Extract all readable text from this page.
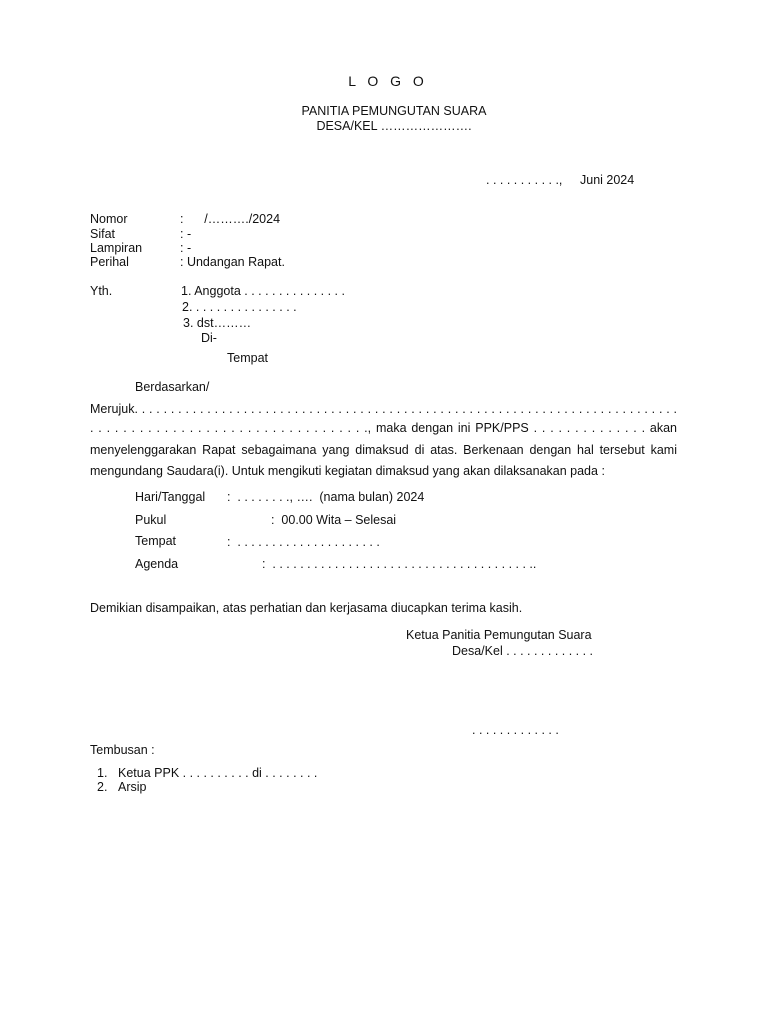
L O G O
PANITIA PEMUNGUTAN SUARA
DESA/KEL ………………….
. . . . . . . . . . ., Juni 2024
Nomor	:      /………./2024
Sifat	: -
Lampiran	: -
Perihal	: Undangan Rapat.
Yth.	1. Anggota . . . . . . . . . . . . . . .
2. . . . . . . . . . . . . . . .
3. dst………
Di-
Tempat
Berdasarkan/
Merujuk. . . . . . . . . . . . . . . . . . . . . . . . . . . . . . . . . . . . . . . . . . . . . . . . . . . . . . . . . . . . . . . . . . . . . . . . . . .
. . . . . . . . . . . . . . . . . . . . . . . . . . . . . . . . . ., maka dengan ini PPK/PPS . . . . . . . . . . . . . . akan
menyelenggarakan Rapat sebagaimana yang dimaksud di atas. Berkenaan dengan hal tersebut kami
mengundang Saudara(i). Untuk mengikuti kegiatan dimaksud yang akan dilaksanakan pada :
Hari/Tanggal :  . . . . . . . ., ….  (nama bulan) 2024
Pukul	:  00.00 Wita – Selesai
Tempat	:  . . . . . . . . . . . . . . . . . . . . .
Agenda	:  . . . . . . . . . . . . . . . . . . . . . . . . . . . . . . . . . . . . . ..
Demikian disampaikan, atas perhatian dan kerjasama diucapkan terima kasih.
Ketua Panitia Pemungutan Suara
Desa/Kel . . . . . . . . . . . . .
. . . . . . . . . . . . .
Tembusan :
1. Ketua PPK . . . . . . . . . . di . . . . . . . .
2. Arsip
